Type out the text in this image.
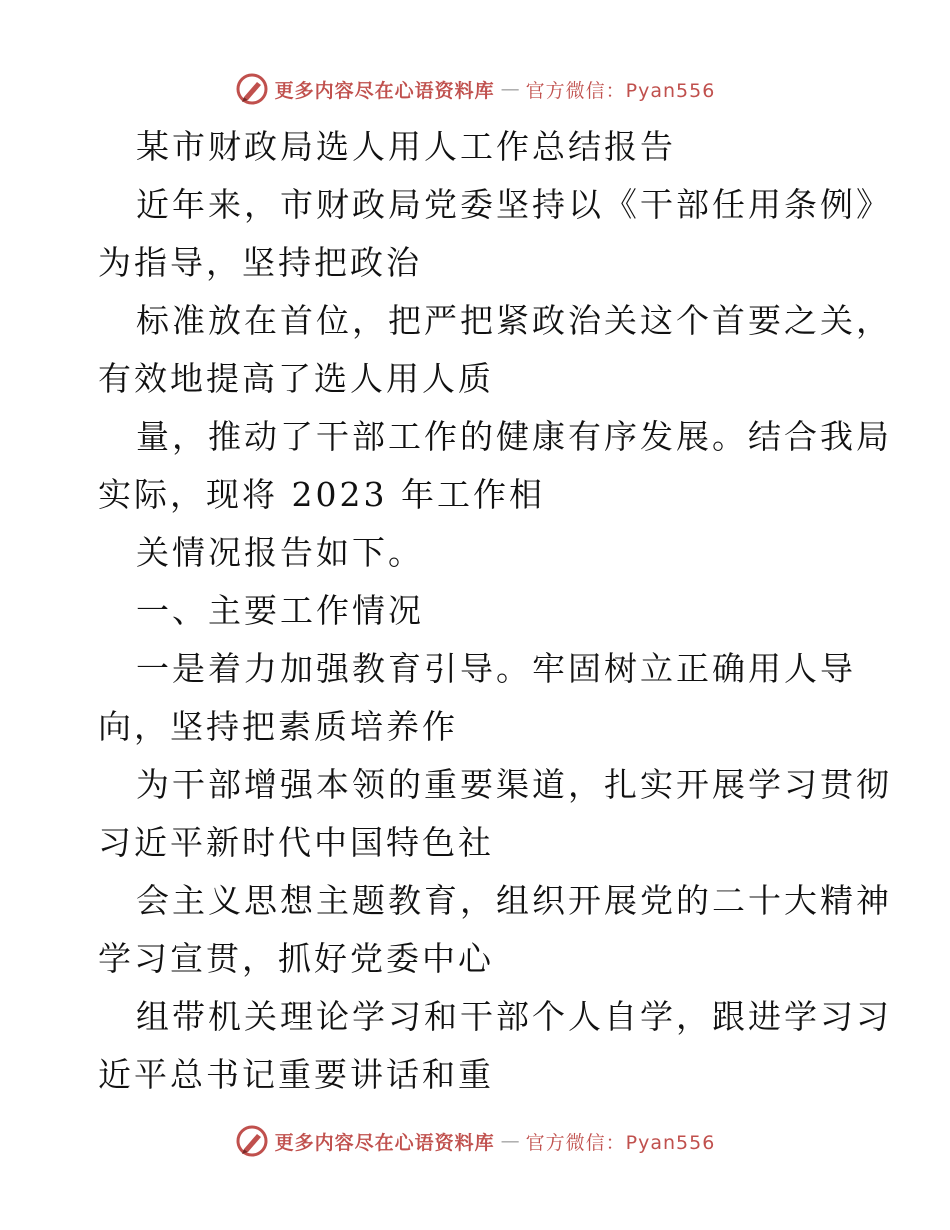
更多内容尽在心语资料库 — 官方微信：Pyan556
某市财政局选人用人工作总结报告
近年来，市财政局党委坚持以《干部任用条例》
为指导，坚持把政治
标准放在首位，把严把紧政治关这个首要之关，
有效地提高了选人用人质
量，推动了干部工作的健康有序发展。结合我局
实际，现将 2023 年工作相
关情况报告如下。
一、主要工作情况
一是着力加强教育引导。牢固树立正确用人导
向，坚持把素质培养作
为干部增强本领的重要渠道，扎实开展学习贯彻
习近平新时代中国特色社
会主义思想主题教育，组织开展党的二十大精神
学习宣贯，抓好党委中心
组带机关理论学习和干部个人自学，跟进学习习
近平总书记重要讲话和重
更多内容尽在心语资料库 — 官方微信：Pyan556
